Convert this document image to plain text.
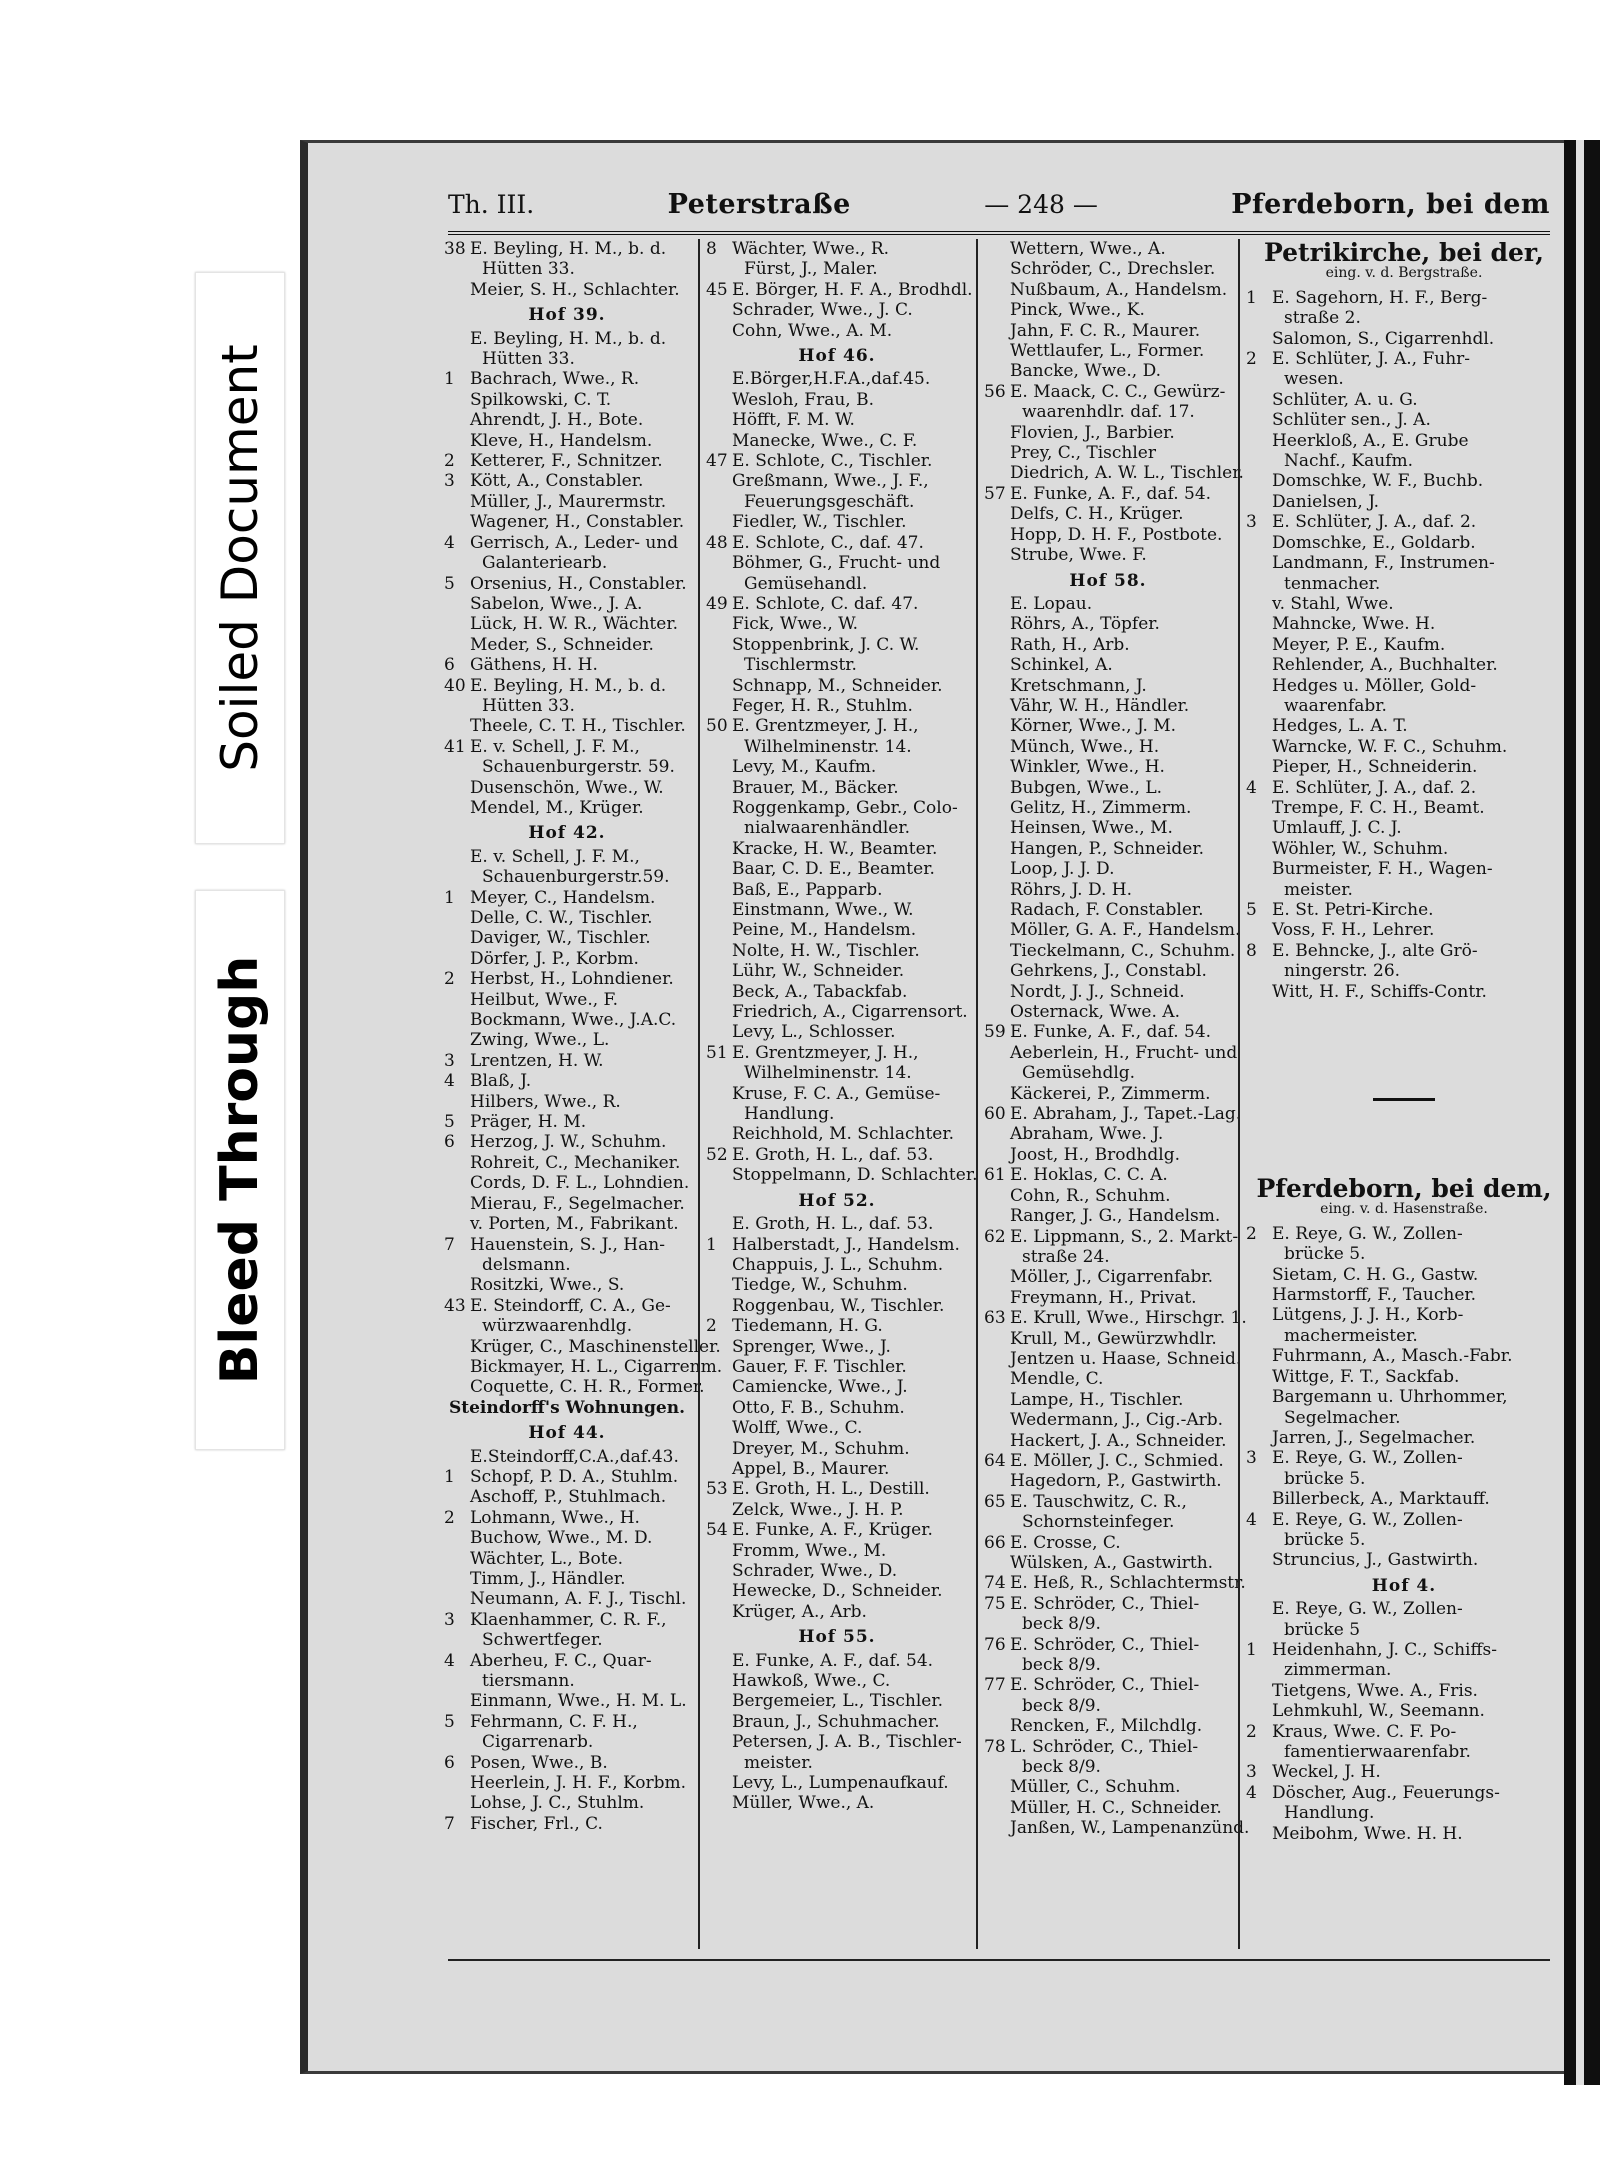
Soiled Document
Bleed Through
Th. III.	Peterstraße	— 248 —	Pferdeborn, bei dem
38 E. Beyling, H. M., b. d.
Hütten 33.
Meier, S. H., Schlachter.
Hof 39.
E. Beyling, H. M., b. d.
Hütten 33.
1 Bachrach, Wwe., R.
Spilkowski, C. T.
Ahrendt, J. H., Bote.
Kleve, H., Handelsm.
2 Ketterer, F., Schnitzer.
3 Kött, A., Constabler.
Müller, J., Maurermstr.
Wagener, H., Constabler.
4 Gerrisch, A., Leder- und
Galanteriearb.
5 Orsenius, H., Constabler.
Sabelon, Wwe., J. A.
Lück, H. W. R., Wächter.
Meder, S., Schneider.
6 Gäthens, H. H.
40 E. Beyling, H. M., b. d.
Hütten 33.
Theele, C. T. H., Tischler.
41 E. v. Schell, J. F. M.,
Schauenburgerstr. 59.
Dusenschön, Wwe., W.
Mendel, M., Krüger.
Hof 42.
E. v. Schell, J. F. M.,
Schauenburgerstr.59.
1 Meyer, C., Handelsm.
Delle, C. W., Tischler.
Daviger, W., Tischler.
Dörfer, J. P., Korbm.
2 Herbst, H., Lohndiener.
Heilbut, Wwe., F.
Bockmann, Wwe., J.A.C.
Zwing, Wwe., L.
3 Lrentzen, H. W.
4 Blaß, J.
Hilbers, Wwe., R.
5 Präger, H. M.
6 Herzog, J. W., Schuhm.
Rohreit, C., Mechaniker.
Cords, D. F. L., Lohndien.
Mierau, F., Segelmacher.
v. Porten, M., Fabrikant.
7 Hauenstein, S. J., Han-
delsmann.
Rositzki, Wwe., S.
43 E. Steindorff, C. A., Ge-
würzwaarenhdlg.
Krüger, C., Maschinensteller.
Bickmayer, H. L., Cigarrenm.
Coquette, C. H. R., Former.
Steindorff's Wohnungen.
Hof 44.
E.Steindorff,C.A.,daf.43.
1 Schopf, P. D. A., Stuhlm.
Aschoff, P., Stuhlmach.
2 Lohmann, Wwe., H.
Buchow, Wwe., M. D.
Wächter, L., Bote.
Timm, J., Händler.
Neumann, A. F. J., Tischl.
3 Klaenhammer, C. R. F.,
Schwertfeger.
4 Aberheu, F. C., Quar-
tiersmann.
Einmann, Wwe., H. M. L.
5 Fehrmann, C. F. H.,
Cigarrenarb.
6 Posen, Wwe., B.
Heerlein, J. H. F., Korbm.
Lohse, J. C., Stuhlm.
7 Fischer, Frl., C.
8 Wächter, Wwe., R.
Fürst, J., Maler.
45 E. Börger, H. F. A., Brodhdl.
Schrader, Wwe., J. C.
Cohn, Wwe., A. M.
Hof 46.
E.Börger,H.F.A.,daf.45.
Wesloh, Frau, B.
Höfft, F. M. W.
Manecke, Wwe., C. F.
47 E. Schlote, C., Tischler.
Greßmann, Wwe., J. F.,
Feuerungsgeschäft.
Fiedler, W., Tischler.
48 E. Schlote, C., daf. 47.
Böhmer, G., Frucht- und
Gemüsehandl.
49 E. Schlote, C. daf. 47.
Fick, Wwe., W.
Stoppenbrink, J. C. W.
Tischlermstr.
Schnapp, M., Schneider.
Feger, H. R., Stuhlm.
50 E. Grentzmeyer, J. H.,
Wilhelminenstr. 14.
Levy, M., Kaufm.
Brauer, M., Bäcker.
Roggenkamp, Gebr., Colo-
nialwaarenhändler.
Kracke, H. W., Beamter.
Baar, C. D. E., Beamter.
Baß, E., Papparb.
Einstmann, Wwe., W.
Peine, M., Handelsm.
Nolte, H. W., Tischler.
Lühr, W., Schneider.
Beck, A., Tabackfab.
Friedrich, A., Cigarrensort.
Levy, L., Schlosser.
51 E. Grentzmeyer, J. H.,
Wilhelminenstr. 14.
Kruse, F. C. A., Gemüse-
Handlung.
Reichhold, M. Schlachter.
52 E. Groth, H. L., daf. 53.
Stoppelmann, D. Schlachter.
Hof 52.
E. Groth, H. L., daf. 53.
1 Halberstadt, J., Handelsm.
Chappuis, J. L., Schuhm.
Tiedge, W., Schuhm.
Roggenbau, W., Tischler.
2 Tiedemann, H. G.
Sprenger, Wwe., J.
Gauer, F. F. Tischler.
Camiencke, Wwe., J.
Otto, F. B., Schuhm.
Wolff, Wwe., C.
Dreyer, M., Schuhm.
Appel, B., Maurer.
53 E. Groth, H. L., Destill.
Zelck, Wwe., J. H. P.
54 E. Funke, A. F., Krüger.
Fromm, Wwe., M.
Schrader, Wwe., D.
Hewecke, D., Schneider.
Krüger, A., Arb.
Hof 55.
E. Funke, A. F., daf. 54.
Hawkoß, Wwe., C.
Bergemeier, L., Tischler.
Braun, J., Schuhmacher.
Petersen, J. A. B., Tischler-
meister.
Levy, L., Lumpenaufkauf.
Müller, Wwe., A.
Wettern, Wwe., A.
Schröder, C., Drechsler.
Nußbaum, A., Handelsm.
Pinck, Wwe., K.
Jahn, F. C. R., Maurer.
Wettlaufer, L., Former.
Bancke, Wwe., D.
56 E. Maack, C. C., Gewürz-
waarenhdlr. daf. 17.
Flovien, J., Barbier.
Prey, C., Tischler
Diedrich, A. W. L., Tischler.
57 E. Funke, A. F., daf. 54.
Delfs, C. H., Krüger.
Hopp, D. H. F., Postbote.
Strube, Wwe. F.
Hof 58.
E. Lopau.
Röhrs, A., Töpfer.
Rath, H., Arb.
Schinkel, A.
Kretschmann, J.
Vähr, W. H., Händler.
Körner, Wwe., J. M.
Münch, Wwe., H.
Winkler, Wwe., H.
Bubgen, Wwe., L.
Gelitz, H., Zimmerm.
Heinsen, Wwe., M.
Hangen, P., Schneider.
Loop, J. J. D.
Röhrs, J. D. H.
Radach, F. Constabler.
Möller, G. A. F., Handelsm.
Tieckelmann, C., Schuhm.
Gehrkens, J., Constabl.
Nordt, J. J., Schneid.
Osternack, Wwe. A.
59 E. Funke, A. F., daf. 54.
Aeberlein, H., Frucht- und
Gemüsehdlg.
Käckerei, P., Zimmerm.
60 E. Abraham, J., Tapet.-Lag.
Abraham, Wwe. J.
Joost, H., Brodhdlg.
61 E. Hoklas, C. C. A.
Cohn, R., Schuhm.
Ranger, J. G., Handelsm.
62 E. Lippmann, S., 2. Markt-
straße 24.
Möller, J., Cigarrenfabr.
Freymann, H., Privat.
63 E. Krull, Wwe., Hirschgr. 1.
Krull, M., Gewürzwhdlr.
Jentzen u. Haase, Schneid.
Mendle, C.
Lampe, H., Tischler.
Wedermann, J., Cig.-Arb.
Hackert, J. A., Schneider.
64 E. Möller, J. C., Schmied.
Hagedorn, P., Gastwirth.
65 E. Tauschwitz, C. R.,
Schornsteinfeger.
66 E. Crosse, C.
Wülsken, A., Gastwirth.
74 E. Heß, R., Schlachtermstr.
75 E. Schröder, C., Thiel-
beck 8/9.
76 E. Schröder, C., Thiel-
beck 8/9.
77 E. Schröder, C., Thiel-
beck 8/9.
Rencken, F., Milchdlg.
78 L. Schröder, C., Thiel-
beck 8/9.
Müller, C., Schuhm.
Müller, H. C., Schneider.
Janßen, W., Lampenanzünd.
Petrikirche, bei der,
eing. v. d. Bergstraße.
1 E. Sagehorn, H. F., Berg-
straße 2.
Salomon, S., Cigarrenhdl.
2 E. Schlüter, J. A., Fuhr-
wesen.
Schlüter, A. u. G.
Schlüter sen., J. A.
Heerkloß, A., E. Grube
Nachf., Kaufm.
Domschke, W. F., Buchb.
Danielsen, J.
3 E. Schlüter, J. A., daf. 2.
Domschke, E., Goldarb.
Landmann, F., Instrumen-
tenmacher.
v. Stahl, Wwe.
Mahncke, Wwe. H.
Meyer, P. E., Kaufm.
Rehlender, A., Buchhalter.
Hedges u. Möller, Gold-
waarenfabr.
Hedges, L. A. T.
Warncke, W. F. C., Schuhm.
Pieper, H., Schneiderin.
4 E. Schlüter, J. A., daf. 2.
Trempe, F. C. H., Beamt.
Umlauff, J. C. J.
Wöhler, W., Schuhm.
Burmeister, F. H., Wagen-
meister.
5 E. St. Petri-Kirche.
Voss, F. H., Lehrer.
8 E. Behncke, J., alte Grö-
ningerstr. 26.
Witt, H. F., Schiffs-Contr.
Pferdeborn, bei dem,
eing. v. d. Hasenstraße.
2 E. Reye, G. W., Zollen-
brücke 5.
Sietam, C. H. G., Gastw.
Harmstorff, F., Taucher.
Lütgens, J. J. H., Korb-
machermeister.
Fuhrmann, A., Masch.-Fabr.
Wittge, F. T., Sackfab.
Bargemann u. Uhrhommer,
Segelmacher.
Jarren, J., Segelmacher.
3 E. Reye, G. W., Zollen-
brücke 5.
Billerbeck, A., Marktauff.
4 E. Reye, G. W., Zollen-
brücke 5.
Struncius, J., Gastwirth.
Hof 4.
E. Reye, G. W., Zollen-
brücke 5
1 Heidenhahn, J. C., Schiffs-
zimmerman.
Tietgens, Wwe. A., Fris.
Lehmkuhl, W., Seemann.
2 Kraus, Wwe. C. F. Po-
famentierwaarenfabr.
3 Weckel, J. H.
4 Döscher, Aug., Feuerungs-
Handlung.
Meibohm, Wwe. H. H.
